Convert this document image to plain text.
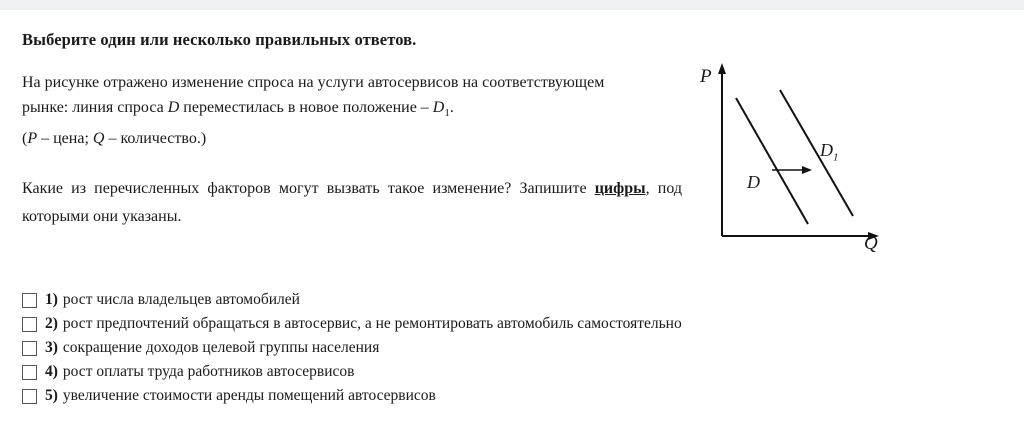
Выберите один или несколько правильных ответов.

На рисунке отражено изменение спроса на услуги автосервисов на соответствующем

рынке: линия спроса D переместилась в новое положение – $D_1$.

(P – цена; Q – количество.)

Какие из перечисленных факторов могут вызвать такое изменение? Запишите цифры, под которыми они указаны.
P
Q
D
$D_1$
1) рост числа владельцев автомобилей
2) рост предпочтений обращаться в автосервис, а не ремонтировать автомобиль самостоятельно
3) сокращение доходов целевой группы населения
4) рост оплаты труда работников автосервисов
5) увеличение стоимости аренды помещений автосервисов
